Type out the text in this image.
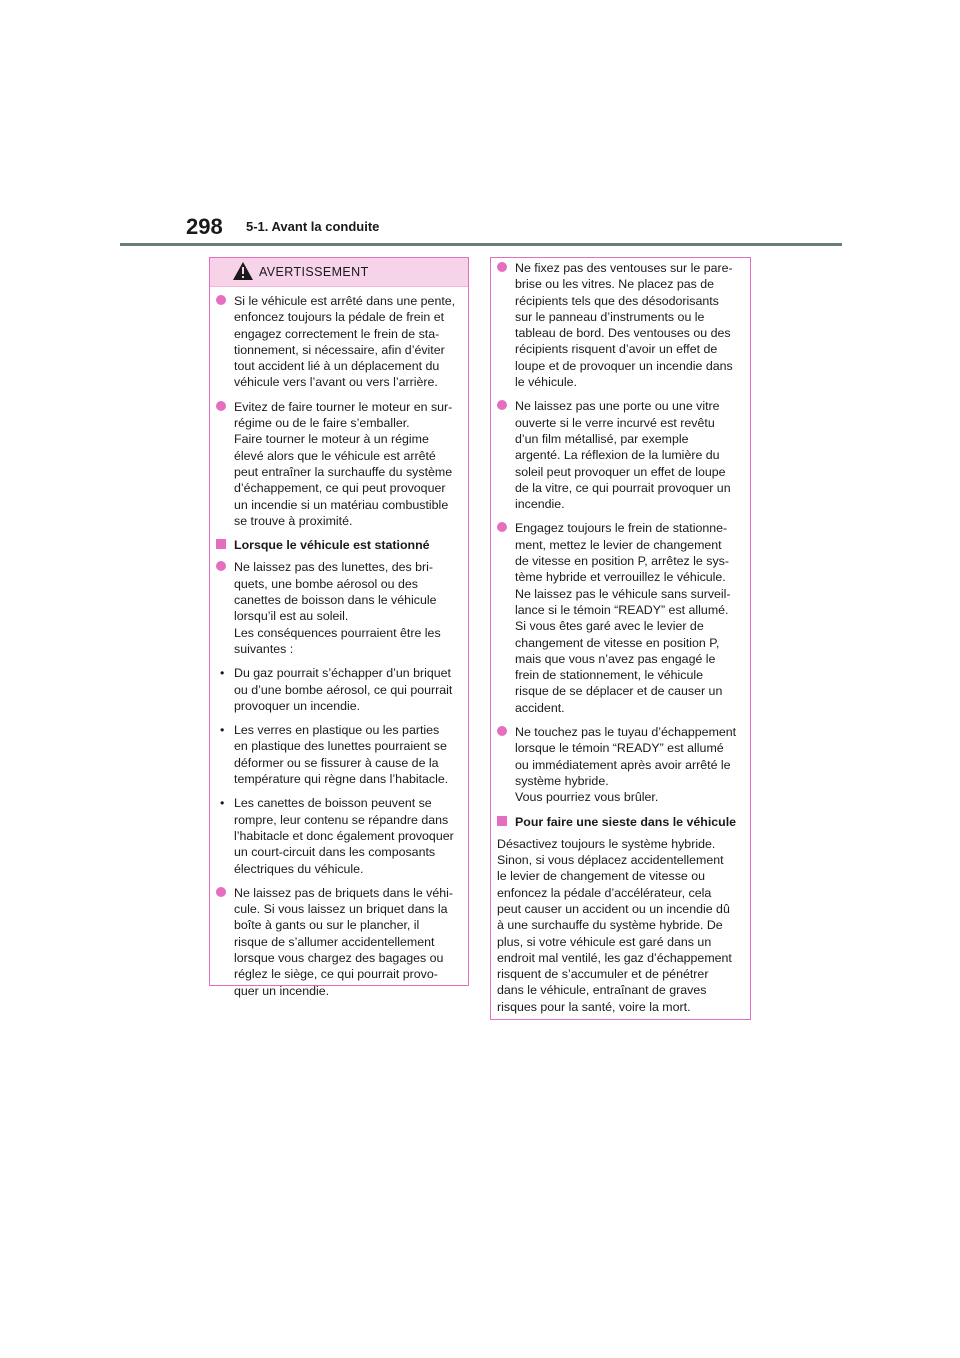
298 5-1. Avant la conduite
AVERTISSEMENT
Si le véhicule est arrêté dans une pente,
enfoncez toujours la pédale de frein et
engagez correctement le frein de sta-
tionnement, si nécessaire, afin d’éviter
tout accident lié à un déplacement du
véhicule vers l’avant ou vers l’arrière.
Evitez de faire tourner le moteur en sur-
régime ou de le faire s’emballer.
Faire tourner le moteur à un régime
élevé alors que le véhicule est arrêté
peut entraîner la surchauffe du système
d’échappement, ce qui peut provoquer
un incendie si un matériau combustible
se trouve à proximité.
Lorsque le véhicule est stationné
Ne laissez pas des lunettes, des bri-
quets, une bombe aérosol ou des
canettes de boisson dans le véhicule
lorsqu’il est au soleil.
Les conséquences pourraient être les
suivantes :
• Du gaz pourrait s’échapper d’un briquet
ou d’une bombe aérosol, ce qui pourrait
provoquer un incendie.
• Les verres en plastique ou les parties
en plastique des lunettes pourraient se
déformer ou se fissurer à cause de la
température qui règne dans l’habitacle.
• Les canettes de boisson peuvent se
rompre, leur contenu se répandre dans
l’habitacle et donc également provoquer
un court-circuit dans les composants
électriques du véhicule.
Ne laissez pas de briquets dans le véhi-
cule. Si vous laissez un briquet dans la
boîte à gants ou sur le plancher, il
risque de s’allumer accidentellement
lorsque vous chargez des bagages ou
réglez le siège, ce qui pourrait provo-
quer un incendie.
Ne fixez pas des ventouses sur le pare-
brise ou les vitres. Ne placez pas de
récipients tels que des désodorisants
sur le panneau d’instruments ou le
tableau de bord. Des ventouses ou des
récipients risquent d’avoir un effet de
loupe et de provoquer un incendie dans
le véhicule.
Ne laissez pas une porte ou une vitre
ouverte si le verre incurvé est revêtu
d’un film métallisé, par exemple
argenté. La réflexion de la lumière du
soleil peut provoquer un effet de loupe
de la vitre, ce qui pourrait provoquer un
incendie.
Engagez toujours le frein de stationne-
ment, mettez le levier de changement
de vitesse en position P, arrêtez le sys-
tème hybride et verrouillez le véhicule.
Ne laissez pas le véhicule sans surveil-
lance si le témoin “READY” est allumé.
Si vous êtes garé avec le levier de
changement de vitesse en position P,
mais que vous n’avez pas engagé le
frein de stationnement, le véhicule
risque de se déplacer et de causer un
accident.
Ne touchez pas le tuyau d’échappement
lorsque le témoin “READY” est allumé
ou immédiatement après avoir arrêté le
système hybride.
Vous pourriez vous brûler.
Pour faire une sieste dans le véhicule
Désactivez toujours le système hybride.
Sinon, si vous déplacez accidentellement
le levier de changement de vitesse ou
enfoncez la pédale d’accélérateur, cela
peut causer un accident ou un incendie dû
à une surchauffe du système hybride. De
plus, si votre véhicule est garé dans un
endroit mal ventilé, les gaz d’échappement
risquent de s’accumuler et de pénétrer
dans le véhicule, entraînant de graves
risques pour la santé, voire la mort.
